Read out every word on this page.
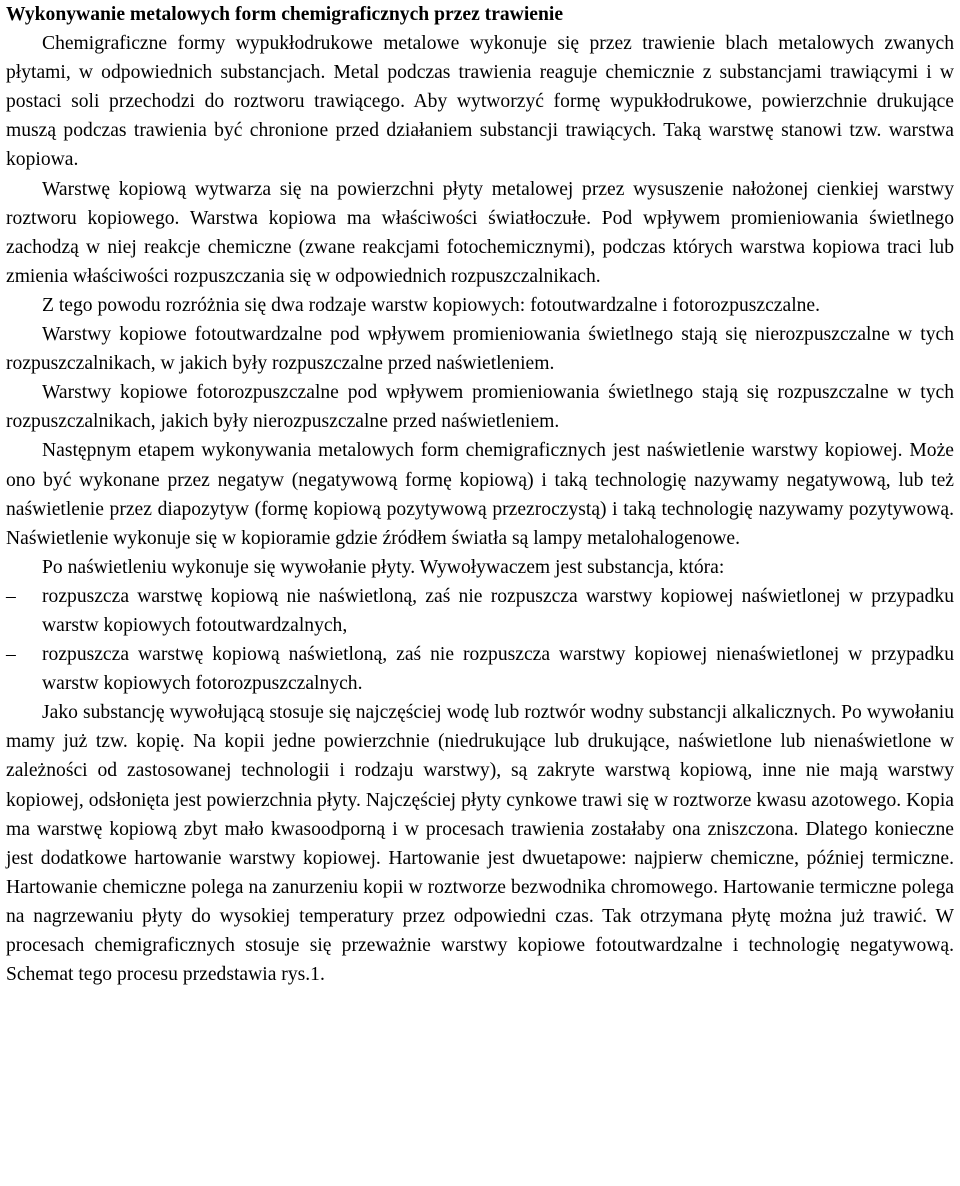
Wykonywanie metalowych form chemigraficznych przez trawienie

Chemigraficzne formy wypukłodrukowe metalowe wykonuje się przez trawienie blach metalowych zwanych płytami, w odpowiednich substancjach. Metal podczas trawienia reaguje chemicznie z substancjami trawiącymi i w postaci soli przechodzi do roztworu trawiącego. Aby wytworzyć formę wypukłodrukowe, powierzchnie drukujące muszą podczas trawienia być chronione przed działaniem substancji trawiących. Taką warstwę stanowi tzw. warstwa kopiowa.

Warstwę kopiową wytwarza się na powierzchni płyty metalowej przez wysuszenie nałożonej cienkiej warstwy roztworu kopiowego. Warstwa kopiowa ma właściwości światłoczułe. Pod wpływem promieniowania świetlnego zachodzą w niej reakcje chemiczne (zwane reakcjami fotochemicznymi), podczas których warstwa kopiowa traci lub zmienia właściwości rozpuszczania się w odpowiednich rozpuszczalnikach.

Z tego powodu rozróżnia się dwa rodzaje warstw kopiowych: fotoutwardzalne i fotorozpuszczalne.

Warstwy kopiowe fotoutwardzalne pod wpływem promieniowania świetlnego stają się nierozpuszczalne w tych rozpuszczalnikach, w jakich były rozpuszczalne przed naświetleniem.

Warstwy kopiowe fotorozpuszczalne pod wpływem promieniowania świetlnego stają się rozpuszczalne w tych rozpuszczalnikach, jakich były nierozpuszczalne przed naświetleniem.

Następnym etapem wykonywania metalowych form chemigraficznych jest naświetlenie warstwy kopiowej. Może ono być wykonane przez negatyw (negatywową formę kopiową) i taką technologię nazywamy negatywową, lub też naświetlenie przez diapozytyw (formę kopiową pozytywową przezroczystą) i taką technologię nazywamy pozytywową. Naświetlenie wykonuje się w kopioramie gdzie źródłem światła są lampy metalohalogenowe.

Po naświetleniu wykonuje się wywołanie płyty. Wywoływaczem jest substancja, która:

– rozpuszcza warstwę kopiową nie naświetloną, zaś nie rozpuszcza warstwy kopiowej naświetlonej w przypadku warstw kopiowych fotoutwardzalnych,
– rozpuszcza warstwę kopiową naświetloną, zaś nie rozpuszcza warstwy kopiowej nienaświetlonej w przypadku warstw kopiowych fotorozpuszczalnych.

Jako substancję wywołującą stosuje się najczęściej wodę lub roztwór wodny substancji alkalicznych. Po wywołaniu mamy już tzw. kopię. Na kopii jedne powierzchnie (niedrukujące lub drukujące, naświetlone lub nienaświetlone w zależności od zastosowanej technologii i rodzaju warstwy), są zakryte warstwą kopiową, inne nie mają warstwy kopiowej, odsłonięta jest powierzchnia płyty. Najczęściej płyty cynkowe trawi się w roztworze kwasu azotowego. Kopia ma warstwę kopiową zbyt mało kwasoodporną i w procesach trawienia zostałaby ona zniszczona. Dlatego konieczne jest dodatkowe hartowanie warstwy kopiowej. Hartowanie jest dwuetapowe: najpierw chemiczne, później termiczne. Hartowanie chemiczne polega na zanurzeniu kopii w roztworze bezwodnika chromowego. Hartowanie termiczne polega na nagrzewaniu płyty do wysokiej temperatury przez odpowiedni czas. Tak otrzymana płytę można już trawić. W procesach chemigraficznych stosuje się przeważnie warstwy kopiowe fotoutwardzalne i technologię negatywową. Schemat tego procesu przedstawia rys.1.
